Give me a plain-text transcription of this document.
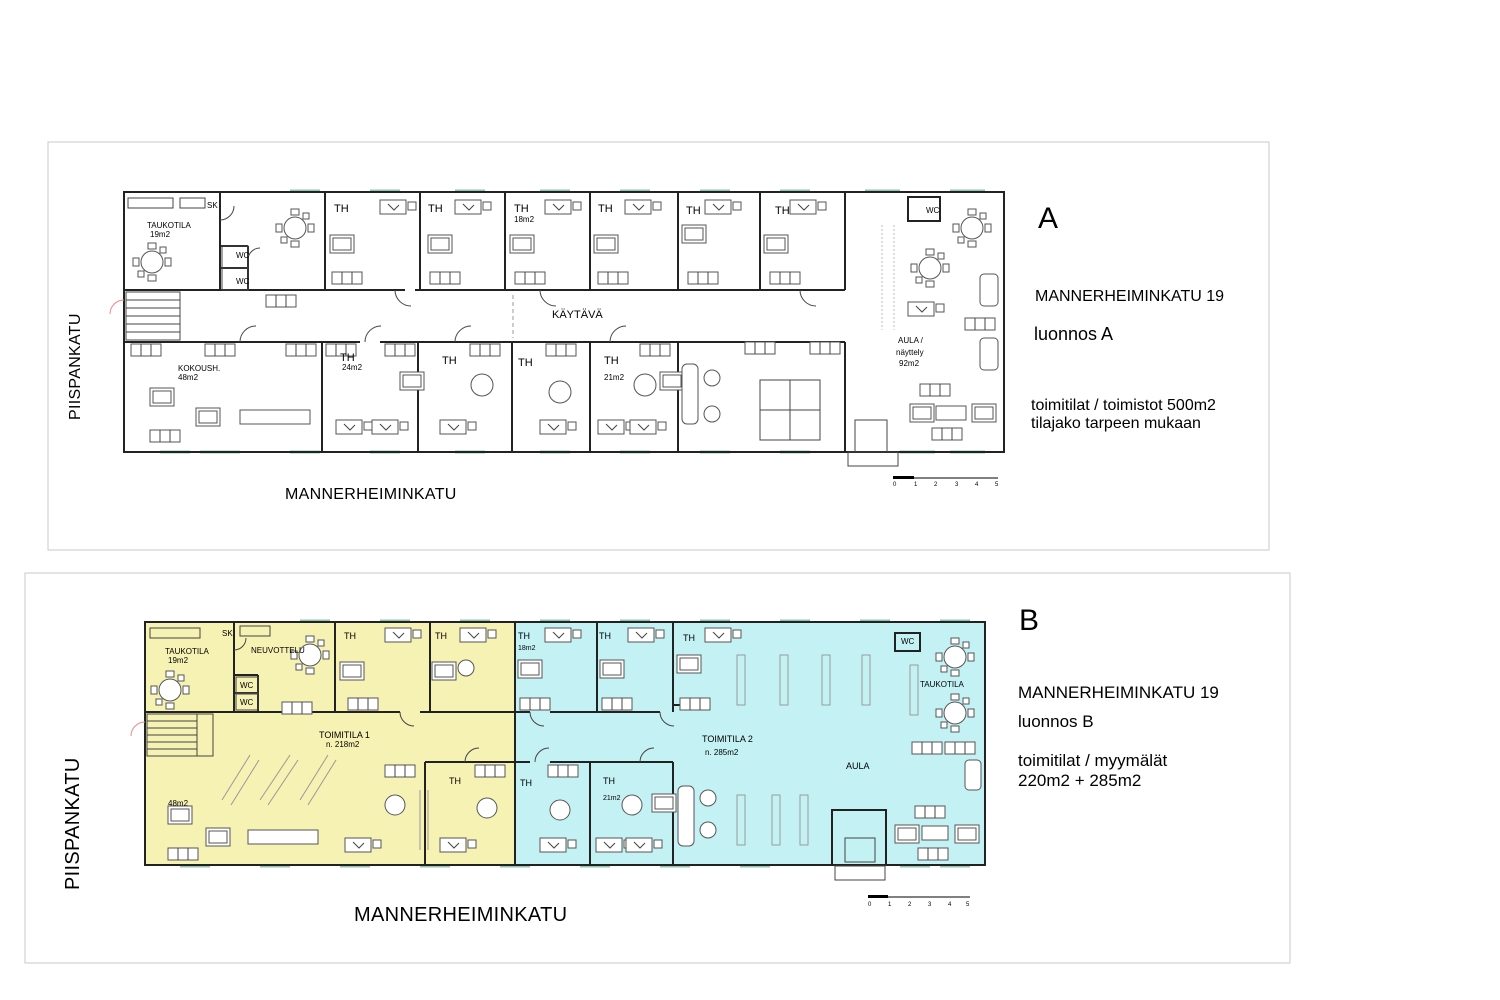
TAUKOTILA
19m2
SK
WC
WC
WC
KÄYTÄVÄ
KOKOUSH.
48m2
TH	TH	TH
18m2
TH	TH	TH
TH
24m2
TH	TH	TH
21m2
AULA /
näyttely
92m2
0	1	2	3	4	5
MANNERHEIMINKATU
PIISPANKATU
A
MANNERHEIMINKATU 19
luonnos A
toimitilat / toimistot 500m2
tilajako tarpeen mukaan
TAUKOTILA
19m2
SK
WC
WC
WC
NEUVOTTELU
TOIMITILA 1
n. 218m2
TOIMITILA 2
n. 285m2
48m2
AULA
TAUKOTILA
TH	TH	TH
18m2
TH	TH
TH	TH	TH
21m2
0	1	2	3	4 5
MANNERHEIMINKATU
PIISPANKATU
B
MANNERHEIMINKATU 19
luonnos B
toimitilat / myymälät
220m2 + 285m2
